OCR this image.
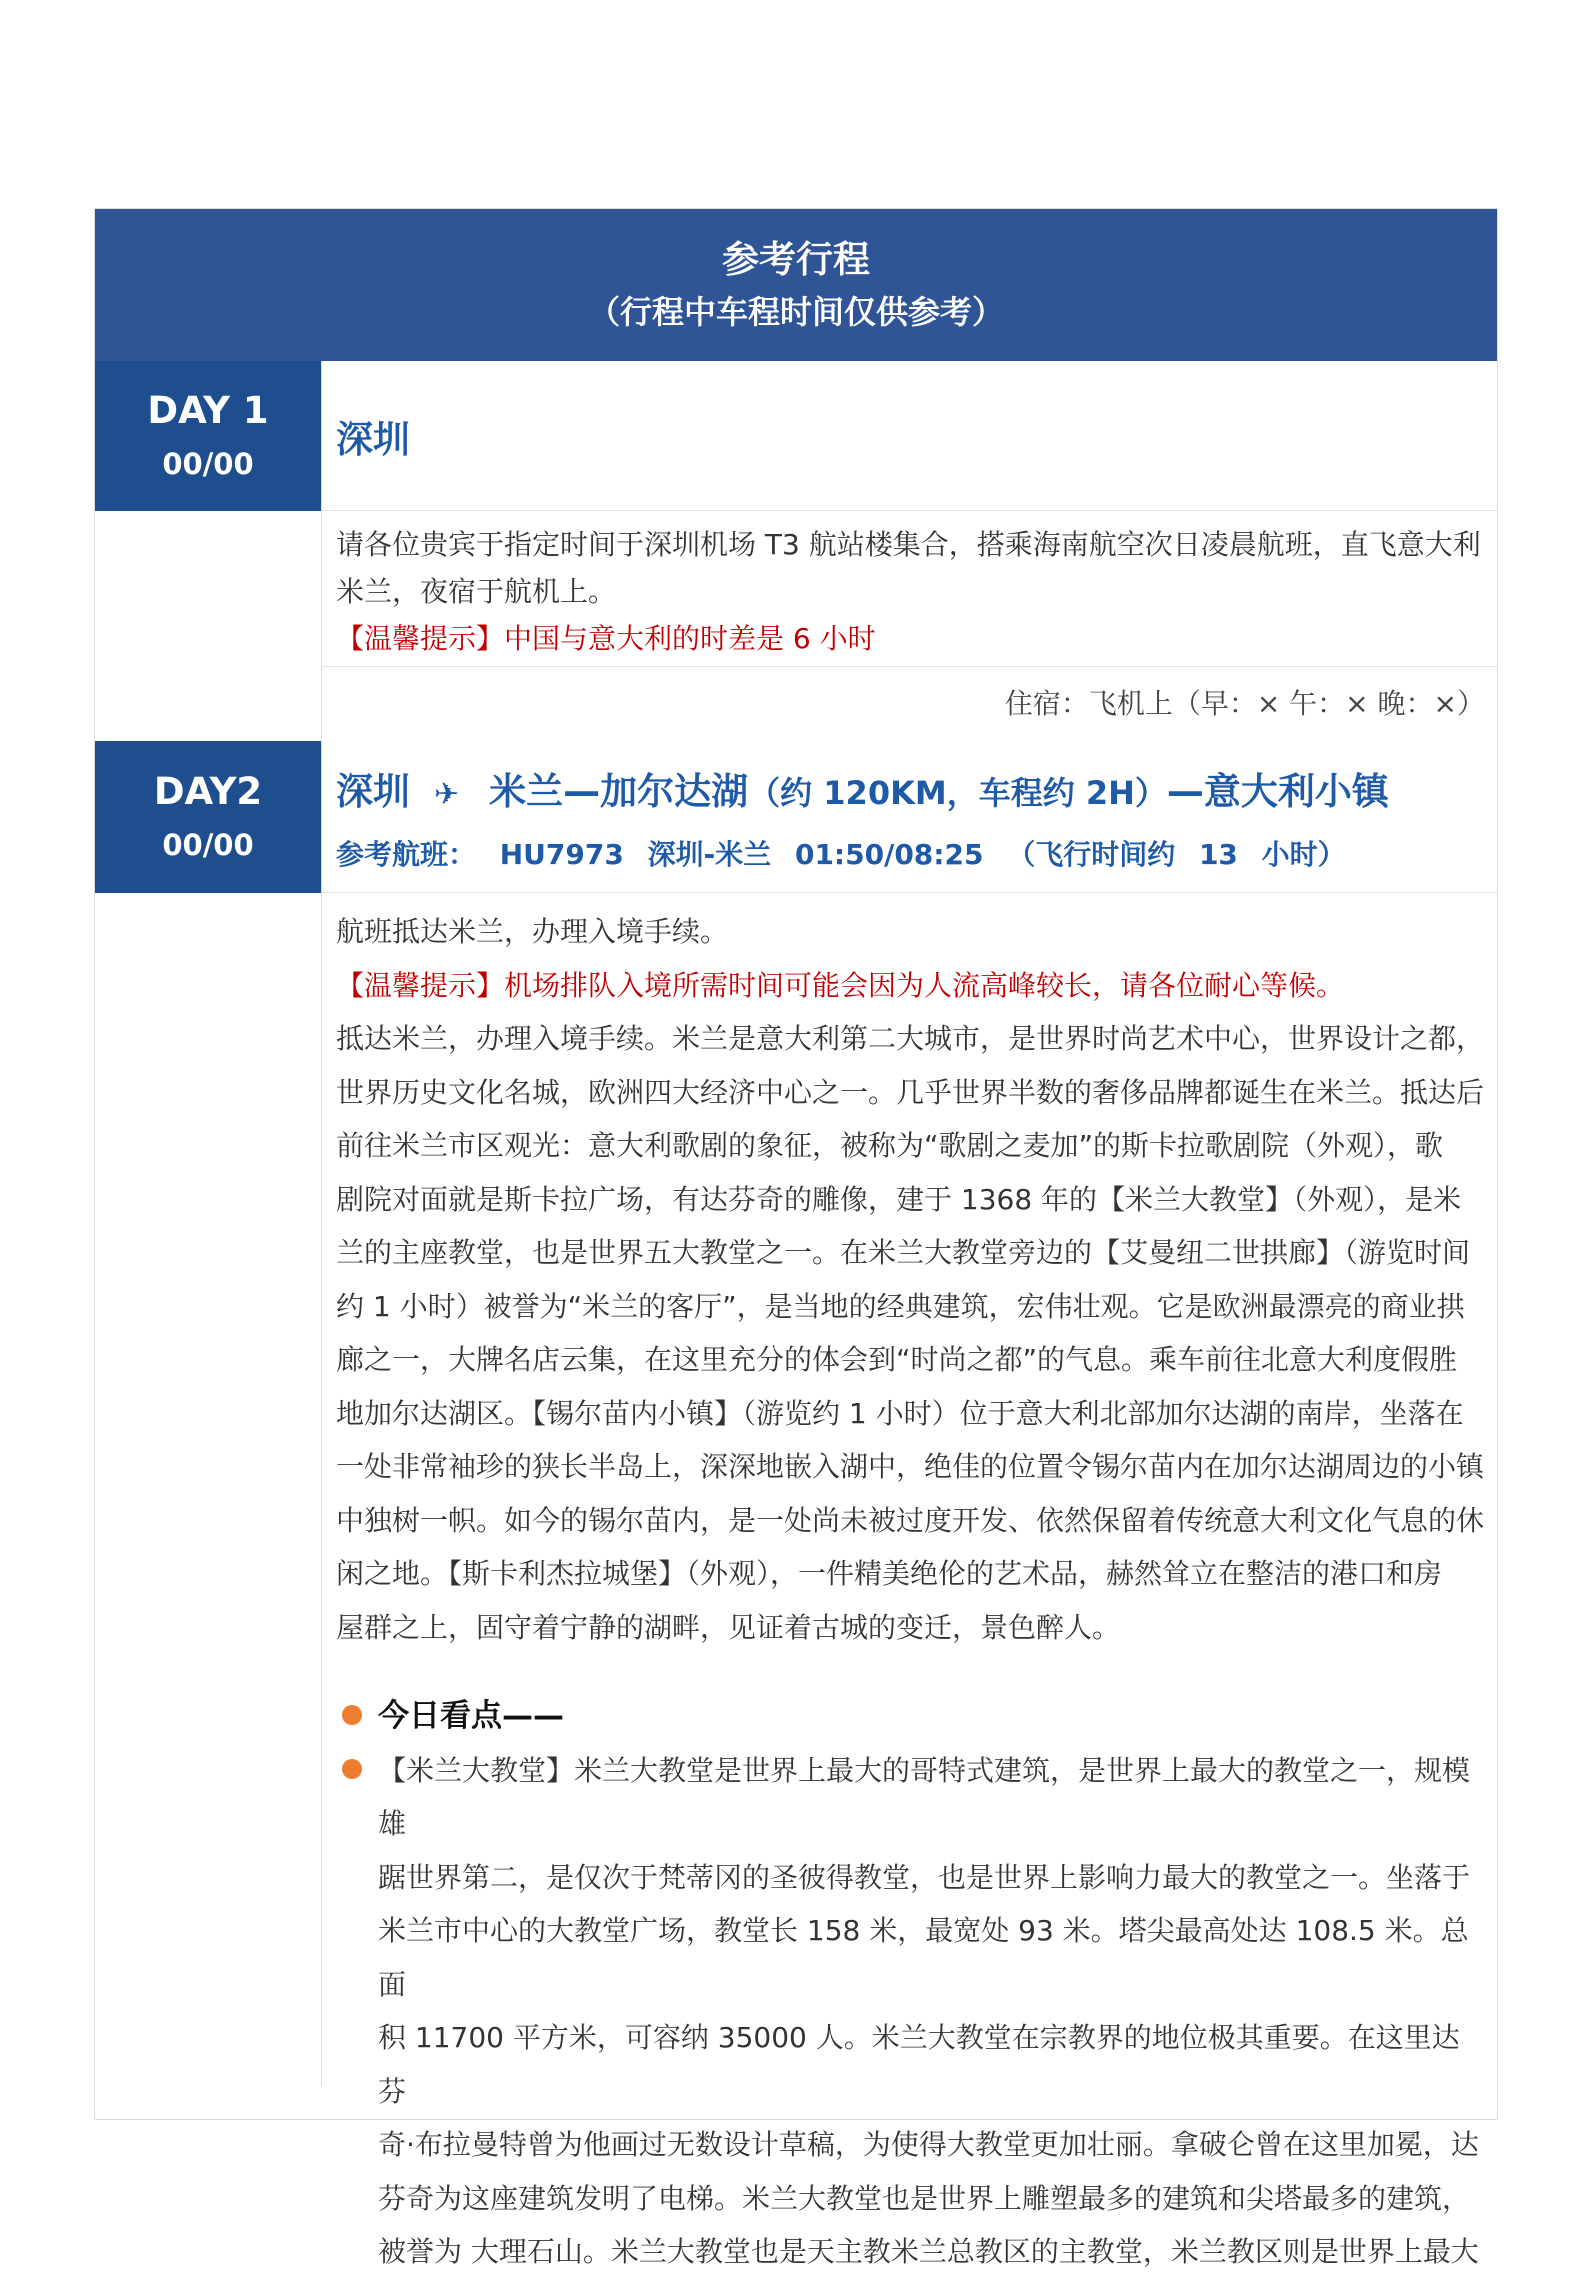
参考行程
（行程中车程时间仅供参考）
DAY 1
00/00
深圳
请各位贵宾于指定时间于深圳机场 T3 航站楼集合，搭乘海南航空次日凌晨航班，直飞意大利
米兰，夜宿于航机上。
【温馨提示】中国与意大利的时差是 6 小时
住宿：飞机上（早：× 午：× 晚：×）
DAY2
00/00
深圳 ✈ 米兰—加尔达湖（约 120KM，车程约 2H）—意大利小镇
参考航班： HU7973 深圳-米兰 01:50/08:25 （飞行时间约 13 小时）
航班抵达米兰，办理入境手续。
【温馨提示】机场排队入境所需时间可能会因为人流高峰较长，请各位耐心等候。
抵达米兰，办理入境手续。米兰是意大利第二大城市，是世界时尚艺术中心，世界设计之都，
世界历史文化名城，欧洲四大经济中心之一。几乎世界半数的奢侈品牌都诞生在米兰。抵达后
前往米兰市区观光：意大利歌剧的象征，被称为“歌剧之麦加”的斯卡拉歌剧院（外观），歌
剧院对面就是斯卡拉广场，有达芬奇的雕像，建于 1368 年的【米兰大教堂】（外观），是米
兰的主座教堂，也是世界五大教堂之一。在米兰大教堂旁边的【艾曼纽二世拱廊】（游览时间
约 1 小时）被誉为“米兰的客厅”，是当地的经典建筑，宏伟壮观。它是欧洲最漂亮的商业拱
廊之一，大牌名店云集，在这里充分的体会到“时尚之都”的气息。乘车前往北意大利度假胜
地加尔达湖区。【锡尔苗内小镇】（游览约 1 小时）位于意大利北部加尔达湖的南岸，坐落在
一处非常袖珍的狭长半岛上，深深地嵌入湖中，绝佳的位置令锡尔苗内在加尔达湖周边的小镇
中独树一帜。如今的锡尔苗内，是一处尚未被过度开发、依然保留着传统意大利文化气息的休
闲之地。【斯卡利杰拉城堡】（外观），一件精美绝伦的艺术品，赫然耸立在整洁的港口和房
屋群之上，固守着宁静的湖畔，见证着古城的变迁，景色醉人。
今日看点——
【米兰大教堂】米兰大教堂是世界上最大的哥特式建筑，是世界上最大的教堂之一，规模雄
踞世界第二，是仅次于梵蒂冈的圣彼得教堂，也是世界上影响力最大的教堂之一。坐落于
米兰市中心的大教堂广场，教堂长 158 米，最宽处 93 米。塔尖最高处达 108.5 米。总面
积 11700 平方米，可容纳 35000 人。米兰大教堂在宗教界的地位极其重要。在这里达芬
奇·布拉曼特曾为他画过无数设计草稿，为使得大教堂更加壮丽。拿破仑曾在这里加冕，达
芬奇为这座建筑发明了电梯。米兰大教堂也是世界上雕塑最多的建筑和尖塔最多的建筑，
被誉为 大理石山。米兰大教堂也是天主教米兰总教区的主教堂，米兰教区则是世界上最大
